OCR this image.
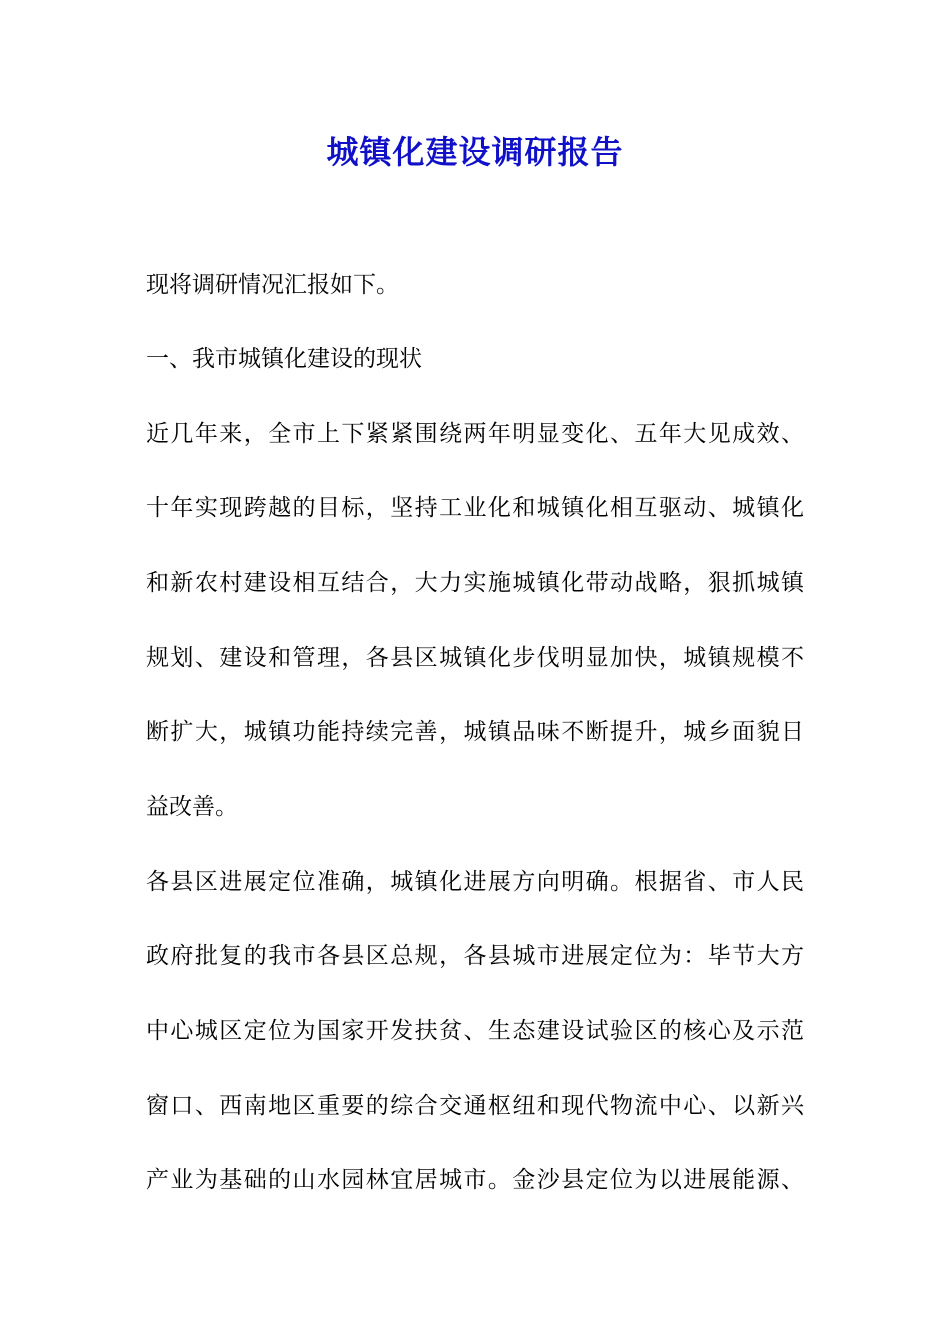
城镇化建设调研报告
现将调研情况汇报如下。
一、我市城镇化建设的现状
近几年来，全市上下紧紧围绕两年明显变化、五年大见成效、
十年实现跨越的目标，坚持工业化和城镇化相互驱动、城镇化
和新农村建设相互结合，大力实施城镇化带动战略，狠抓城镇
规划、建设和管理，各县区城镇化步伐明显加快，城镇规模不
断扩大，城镇功能持续完善，城镇品味不断提升，城乡面貌日
益改善。
各县区进展定位准确，城镇化进展方向明确。根据省、市人民
政府批复的我市各县区总规，各县城市进展定位为：毕节大方
中心城区定位为国家开发扶贫、生态建设试验区的核心及示范
窗口、西南地区重要的综合交通枢纽和现代物流中心、以新兴
产业为基础的山水园林宜居城市。金沙县定位为以进展能源、
